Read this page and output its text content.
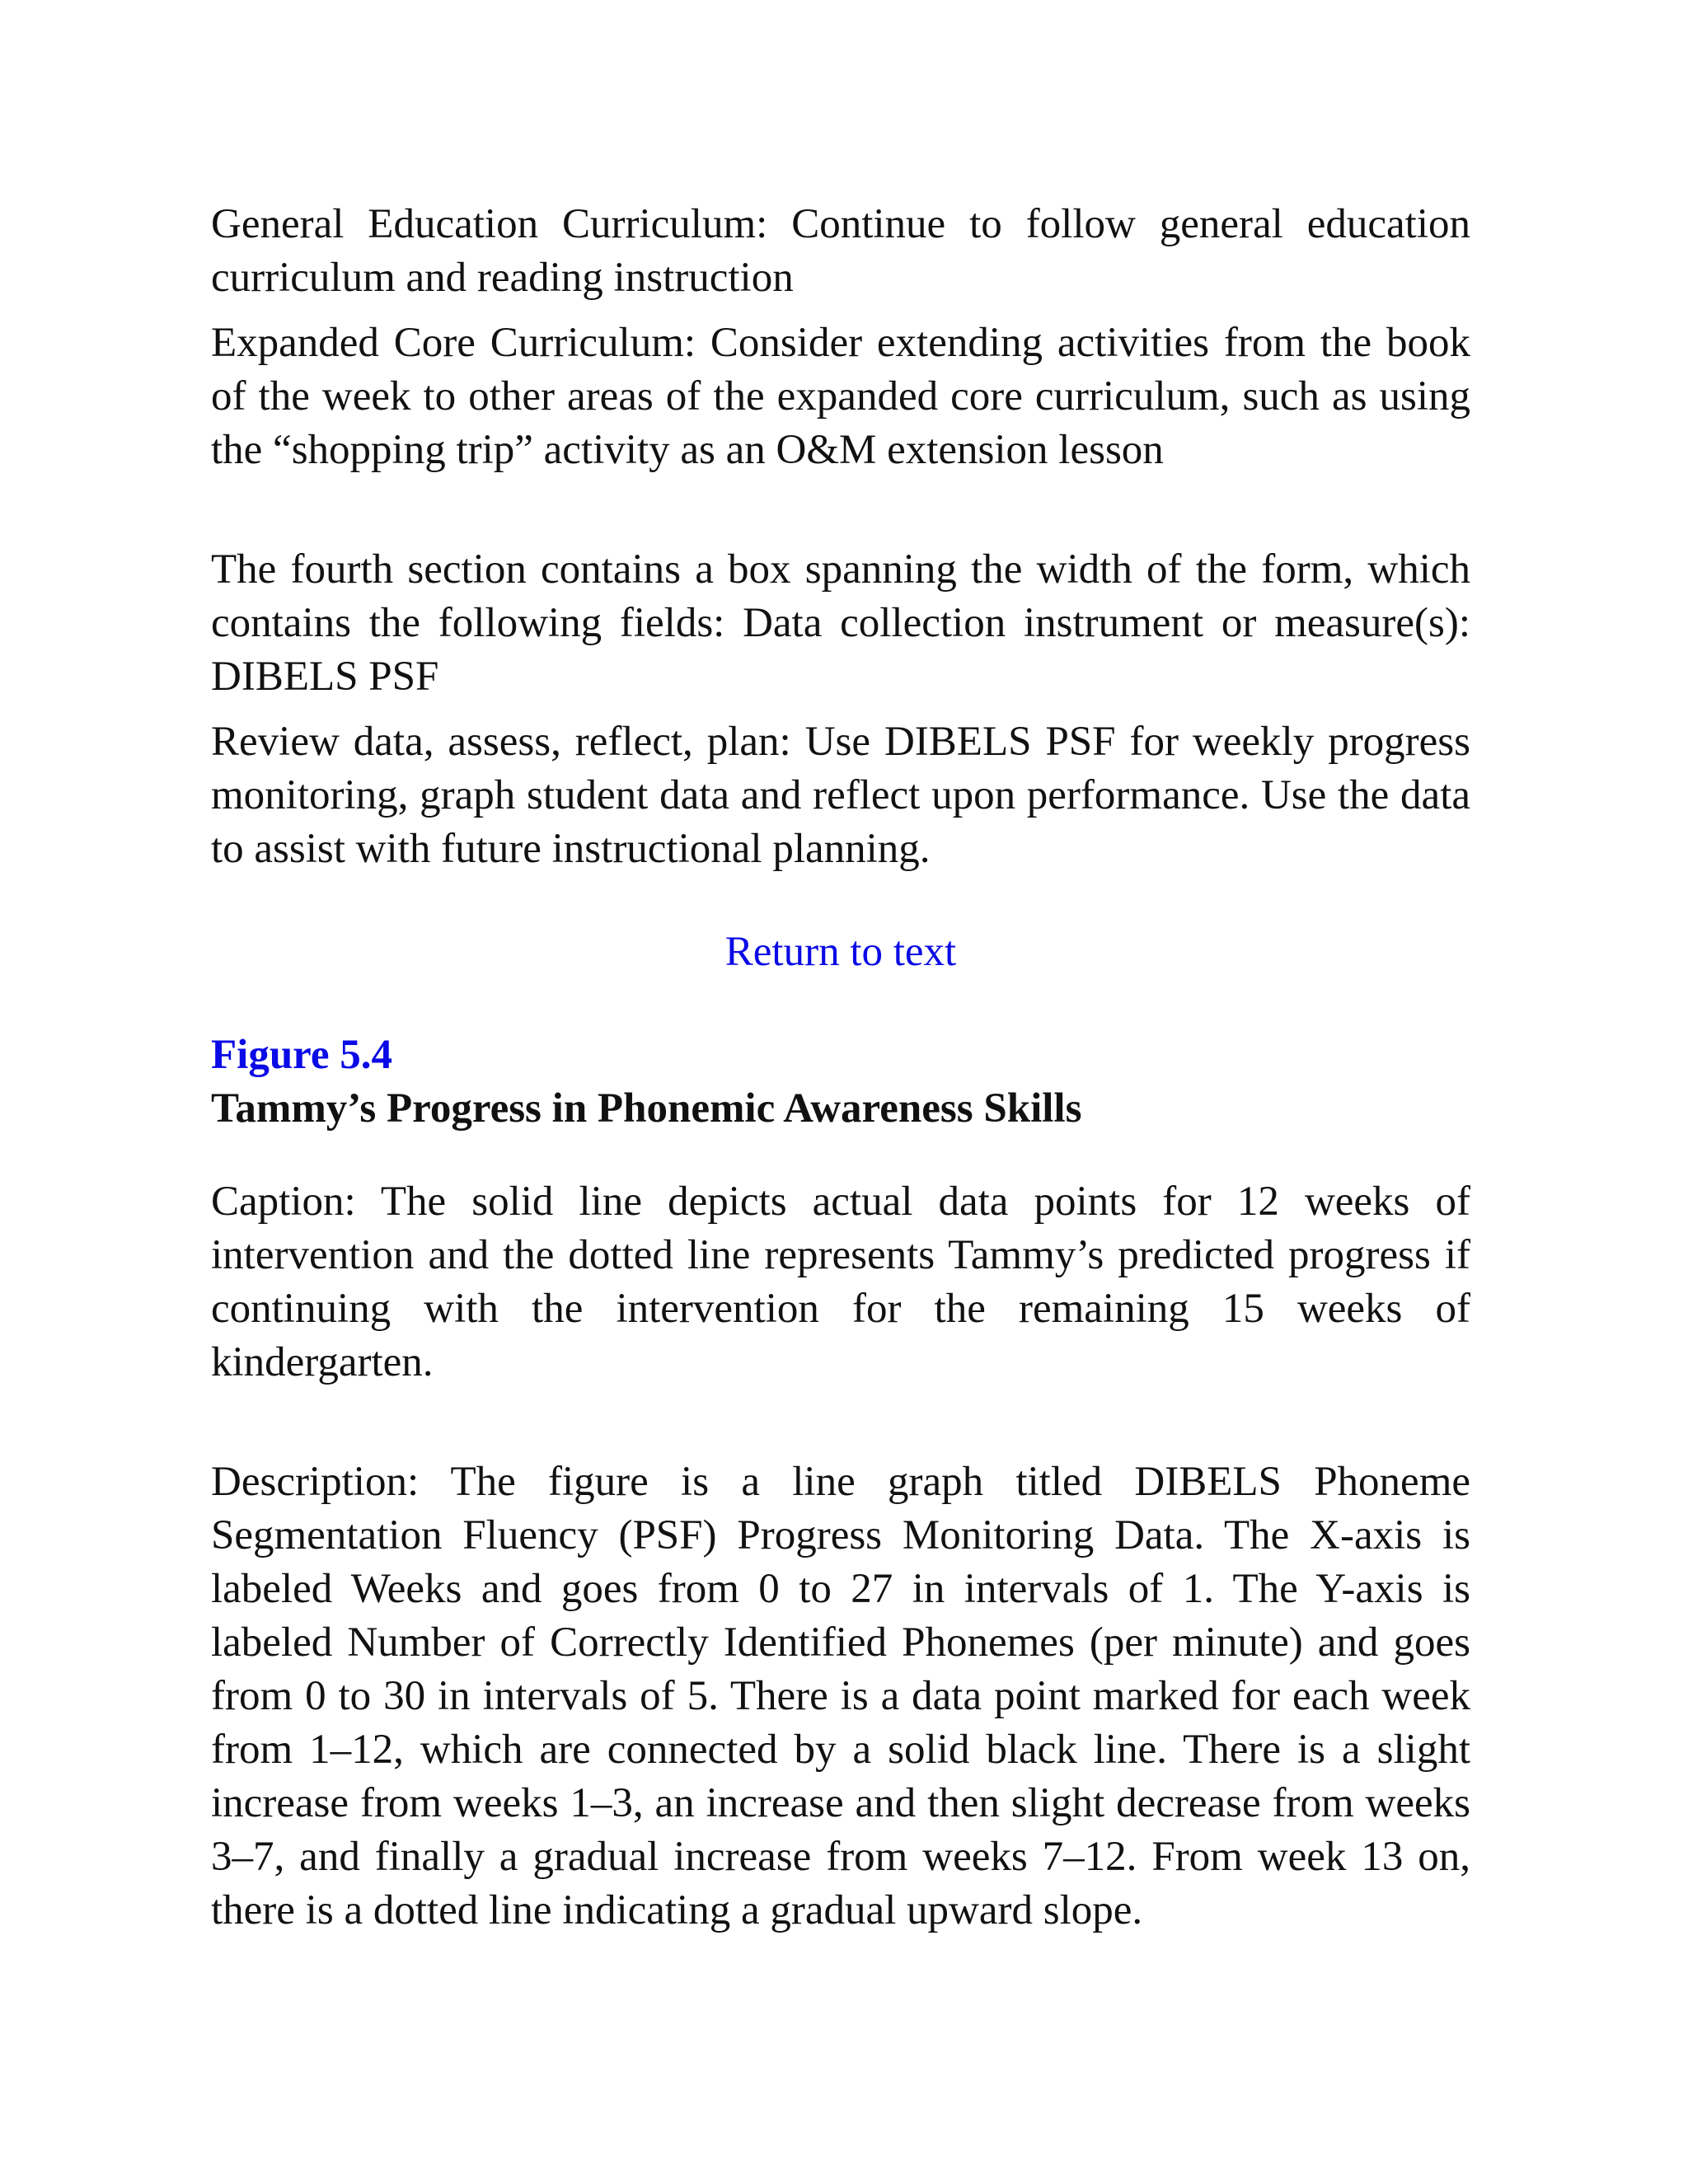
General Education Curriculum: Continue to follow general education curriculum and reading instruction

Expanded Core Curriculum: Consider extending activities from the book of the week to other areas of the expanded core curriculum, such as using the “shopping trip” activity as an O&M extension lesson

The fourth section contains a box spanning the width of the form, which contains the following fields: Data collection instrument or measure(s): DIBELS PSF

Review data, assess, reflect, plan: Use DIBELS PSF for weekly progress monitoring, graph student data and reflect upon performance. Use the data to assist with future instructional planning.

Return to text
Figure 5.4
Tammy’s Progress in Phonemic Awareness Skills

Caption: The solid line depicts actual data points for 12 weeks of intervention and the dotted line represents Tammy’s predicted progress if continuing with the intervention for the remaining 15 weeks of kindergarten.

Description: The figure is a line graph titled DIBELS Phoneme Segmentation Fluency (PSF) Progress Monitoring Data. The X-axis is labeled Weeks and goes from 0 to 27 in intervals of 1. The Y-axis is labeled Number of Correctly Identified Phonemes (per minute) and goes from 0 to 30 in intervals of 5. There is a data point marked for each week from 1–12, which are connected by a solid black line. There is a slight increase from weeks 1–3, an increase and then slight decrease from weeks 3–7, and finally a gradual increase from weeks 7–12. From week 13 on, there is a dotted line indicating a gradual upward slope.
